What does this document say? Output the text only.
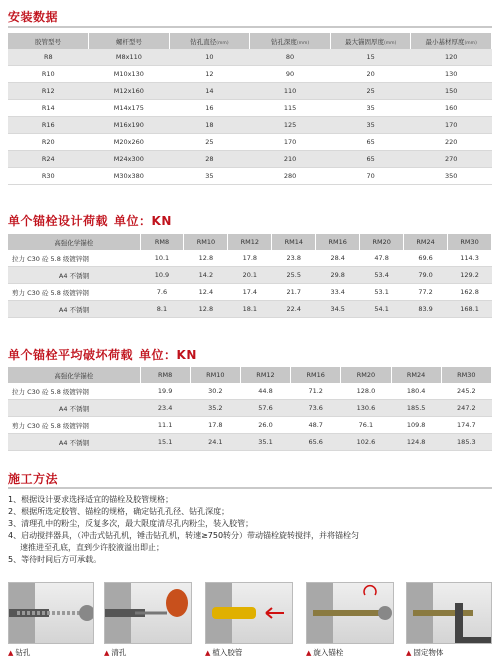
安装数据
胶管型号	螺杆型号	钻孔直径(mm)	钻孔深度(mm)	最大锚固厚度(mm)	最小基材厚度(mm)
R8	M8x110	10	80	15	120
R10	M10x130	12	90	20	130
R12	M12x160	14	110	25	150
R14	M14x175	16	115	35	160
R16	M16x190	18	125	35	170
R20	M20x260	25	170	65	220
R24	M24x300	28	210	65	270
R30	M30x380	35	280	70	350
单个锚栓设计荷载 单位：KN
高强化学锚栓	RM8	RM10	RM12	RM14	RM16	RM20	RM24	RM30
拉力 C30 砼 5.8 级镀锌钢	10.1	12.8	17.8	23.8	28.4	47.8	69.6	114.3
A4 不锈钢	10.9	14.2	20.1	25.5	29.8	53.4	79.0	129.2
剪力 C30 砼 5.8 级镀锌钢	7.6	12.4	17.4	21.7	33.4	53.1	77.2	162.8
A4 不锈钢	8.1	12.8	18.1	22.4	34.5	54.1	83.9	168.1
单个锚栓平均破坏荷载 单位：KN
高强化学锚栓	RM8	RM10	RM12	RM16	RM20	RM24	RM30
拉力 C30 砼 5.8 级镀锌钢	19.9	30.2	44.8	71.2	128.0	180.4	245.2
A4 不锈钢	23.4	35.2	57.6	73.6	130.6	185.5	247.2
剪力 C30 砼 5.8 级镀锌钢	11.1	17.8	26.0	48.7	76.1	109.8	174.7
A4 不锈钢	15.1	24.1	35.1	65.6	102.6	124.8	185.3
施工方法
1、根据设计要求选择适宜的锚栓及胶管规格；
2、根据所选定胶管、锚栓的规格，确定钻孔孔径、钻孔深度；
3、清理孔中的粉尘，反复多次，最大限度清尽孔内粉尘，装入胶管；
4、启动搅拌器具，（冲击式钻孔机，锤击钻孔机，转速≥750转分）带动锚栓旋转搅拌，并将锚栓匀
速推进至孔底，直到少许胶液溢出即止；
5、等待时间后方可承载。
▲ 钻孔	▲ 清孔	▲ 植入胶管	▲ 旋入锚栓	▲ 固定物体
